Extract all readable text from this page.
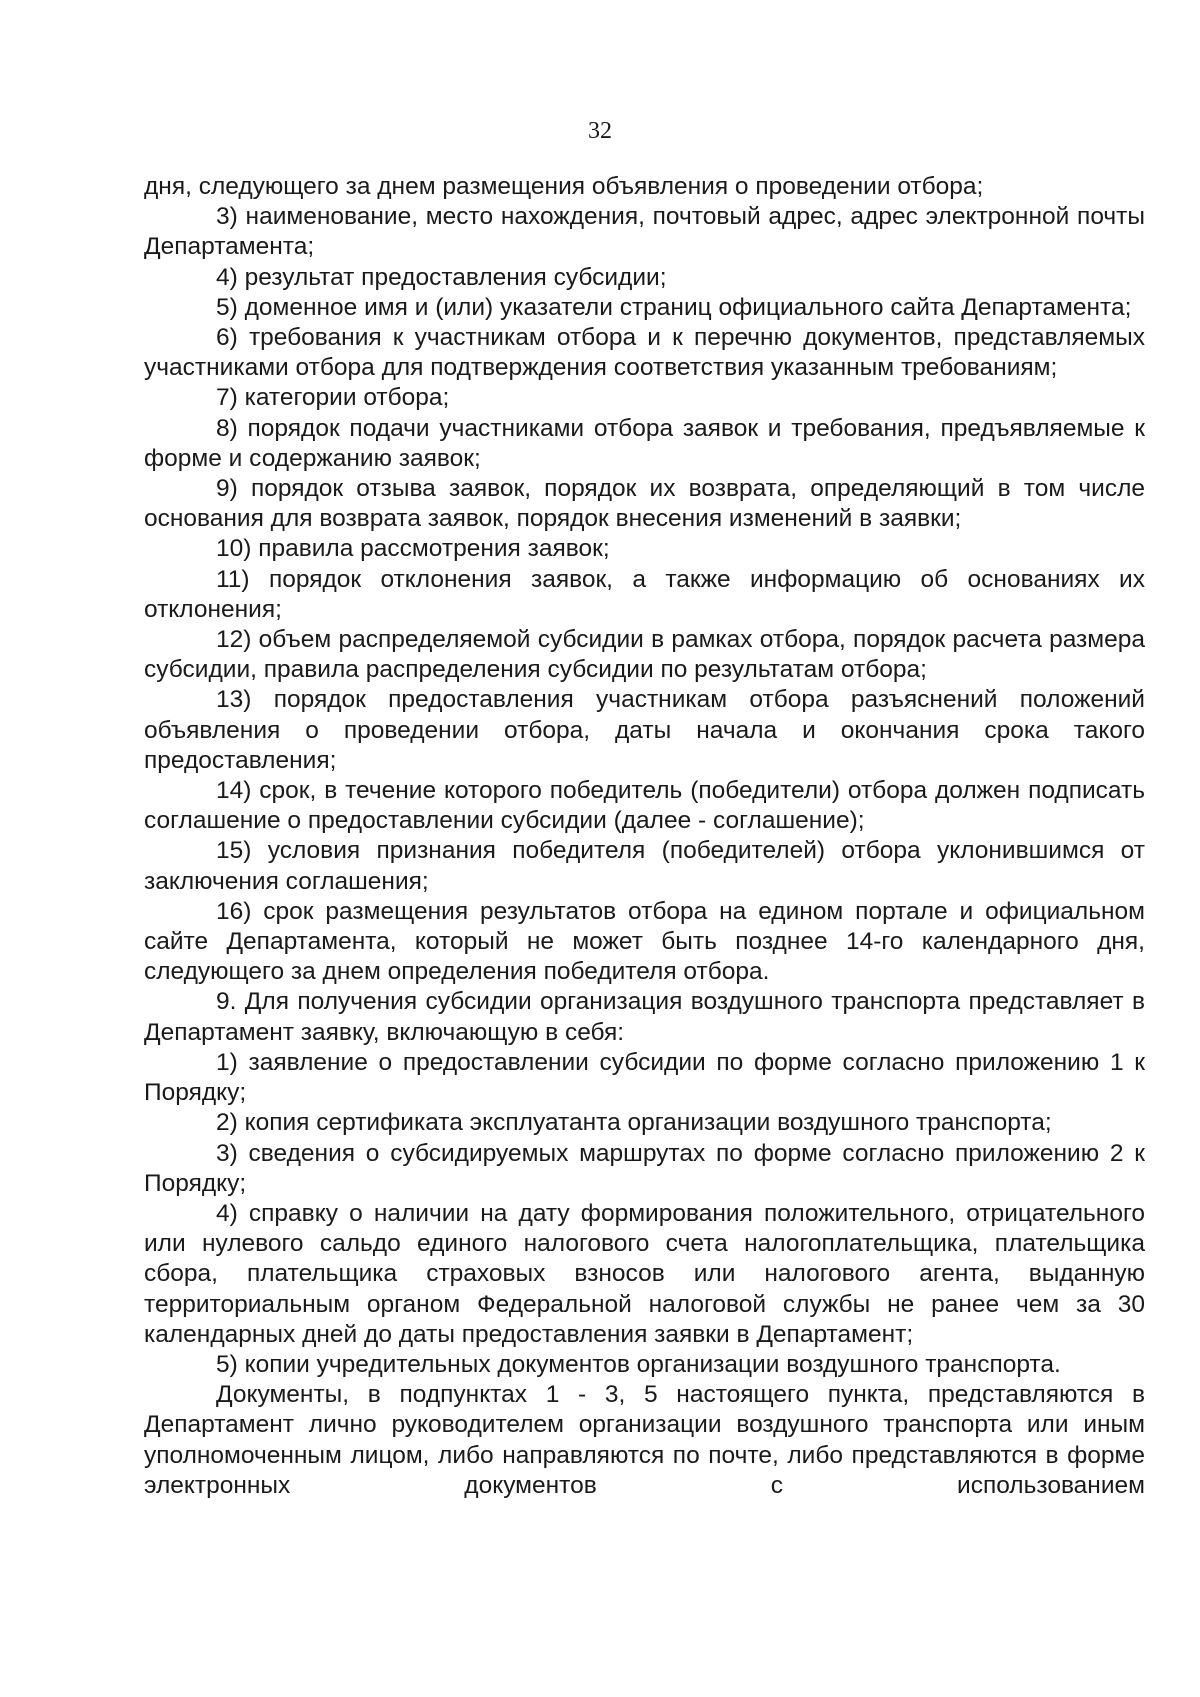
32

дня, следующего за днем размещения объявления о проведении отбора;

3) наименование, место нахождения, почтовый адрес, адрес электронной почты Департамента;

4) результат предоставления субсидии;

5) доменное имя и (или) указатели страниц официального сайта Департамента;

6) требования к участникам отбора и к перечню документов, представляемых участниками отбора для подтверждения соответствия указанным требованиям;

7) категории отбора;

8) порядок подачи участниками отбора заявок и требования, предъявляемые к форме и содержанию заявок;

9) порядок отзыва заявок, порядок их возврата, определяющий в том числе основания для возврата заявок, порядок внесения изменений в заявки;

10) правила рассмотрения заявок;

11) порядок отклонения заявок, а также информацию об основаниях их отклонения;

12) объем распределяемой субсидии в рамках отбора, порядок расчета размера субсидии, правила распределения субсидии по результатам отбора;

13) порядок предоставления участникам отбора разъяснений положений объявления о проведении отбора, даты начала и окончания срока такого предоставления;

14) срок, в течение которого победитель (победители) отбора должен подписать соглашение о предоставлении субсидии (далее - соглашение);

15) условия признания победителя (победителей) отбора уклонившимся от заключения соглашения;

16) срок размещения результатов отбора на едином портале и официальном сайте Департамента, который не может быть позднее 14-го календарного дня, следующего за днем определения победителя отбора.

9. Для получения субсидии организация воздушного транспорта представляет в Департамент заявку, включающую в себя:

1) заявление о предоставлении субсидии по форме согласно приложению 1 к Порядку;

2) копия сертификата эксплуатанта организации воздушного транспорта;

3) сведения о субсидируемых маршрутах по форме согласно приложению 2 к Порядку;

4) справку о наличии на дату формирования положительного, отрицательного или нулевого сальдо единого налогового счета налогоплательщика, плательщика сбора, плательщика страховых взносов или налогового агента, выданную территориальным органом Федеральной налоговой службы не ранее чем за 30 календарных дней до даты предоставления заявки в Департамент;

5) копии учредительных документов организации воздушного транспорта.

Документы, в подпунктах 1 - 3, 5 настоящего пункта, представляются в Департамент лично руководителем организации воздушного транспорта или иным уполномоченным лицом, либо направляются по почте, либо представляются в форме электронных документов с использованием
